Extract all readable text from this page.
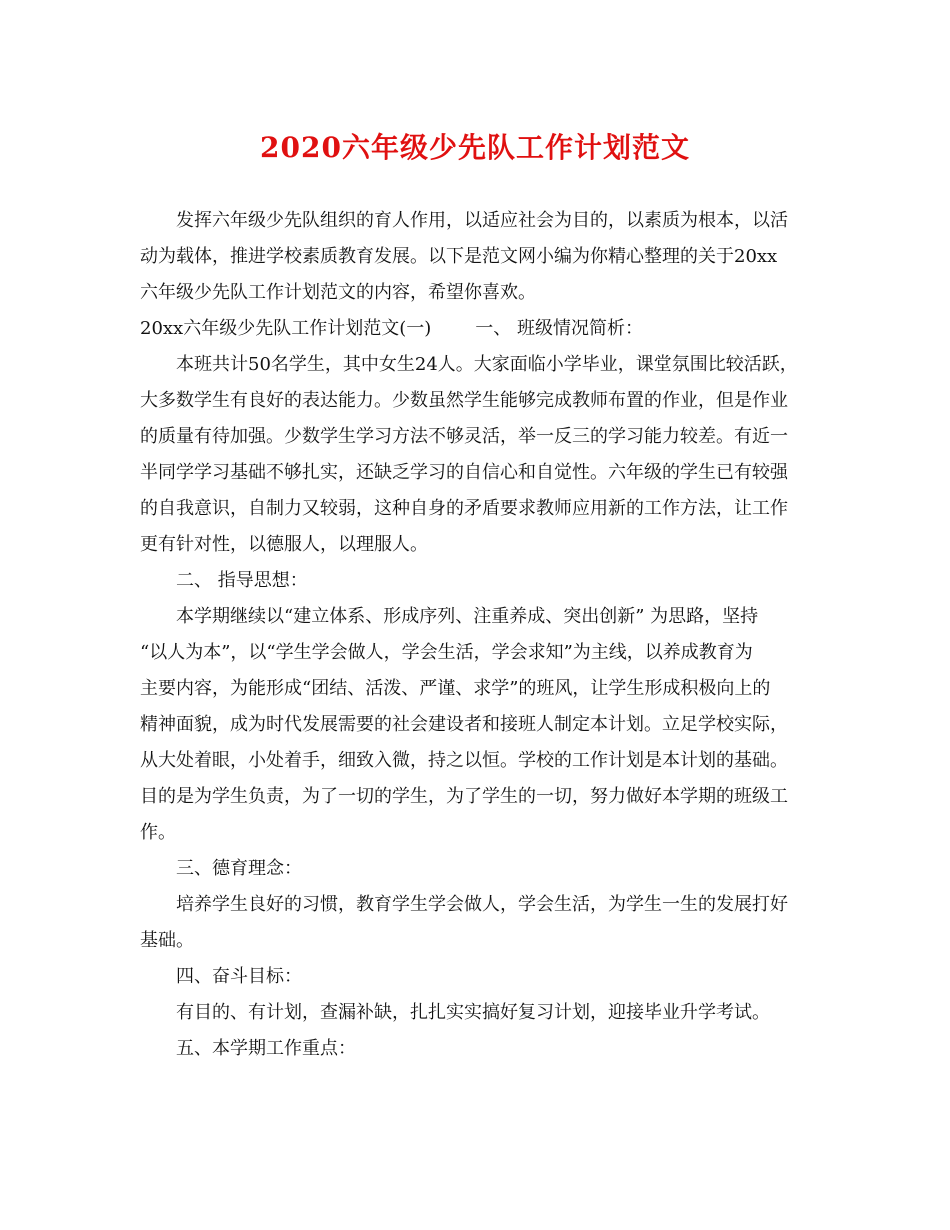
2020六年级少先队工作计划范文
　　发挥六年级少先队组织的育人作用，以适应社会为目的，以素质为根本，以活
动为载体，推进学校素质教育发展。以下是范文网小编为你精心整理的关于20xx
六年级少先队工作计划范文的内容，希望你喜欢。
20xx六年级少先队工作计划范文(一) 一、 班级情况简析：
　　本班共计50名学生，其中女生24人。大家面临小学毕业，课堂氛围比较活跃，
大多数学生有良好的表达能力。少数虽然学生能够完成教师布置的作业，但是作业
的质量有待加强。少数学生学习方法不够灵活，举一反三的学习能力较差。有近一
半同学学习基础不够扎实，还缺乏学习的自信心和自觉性。六年级的学生已有较强
的自我意识，自制力又较弱，这种自身的矛盾要求教师应用新的工作方法，让工作
更有针对性，以德服人，以理服人。
　　二、 指导思想：
　　本学期继续以“建立体系、形成序列、注重养成、突出创新” 为思路，坚持
“以人为本”，以“学生学会做人，学会生活，学会求知”为主线，以养成教育为
主要内容，为能形成“团结、活泼、严谨、求学”的班风，让学生形成积极向上的
精神面貌，成为时代发展需要的社会建设者和接班人制定本计划。立足学校实际，
从大处着眼，小处着手，细致入微，持之以恒。学校的工作计划是本计划的基础。
目的是为学生负责，为了一切的学生，为了学生的一切，努力做好本学期的班级工
作。
　　三、德育理念：
　　培养学生良好的习惯，教育学生学会做人，学会生活，为学生一生的发展打好
基础。
　　四、奋斗目标：
　　有目的、有计划，查漏补缺，扎扎实实搞好复习计划，迎接毕业升学考试。
　　五、本学期工作重点：
